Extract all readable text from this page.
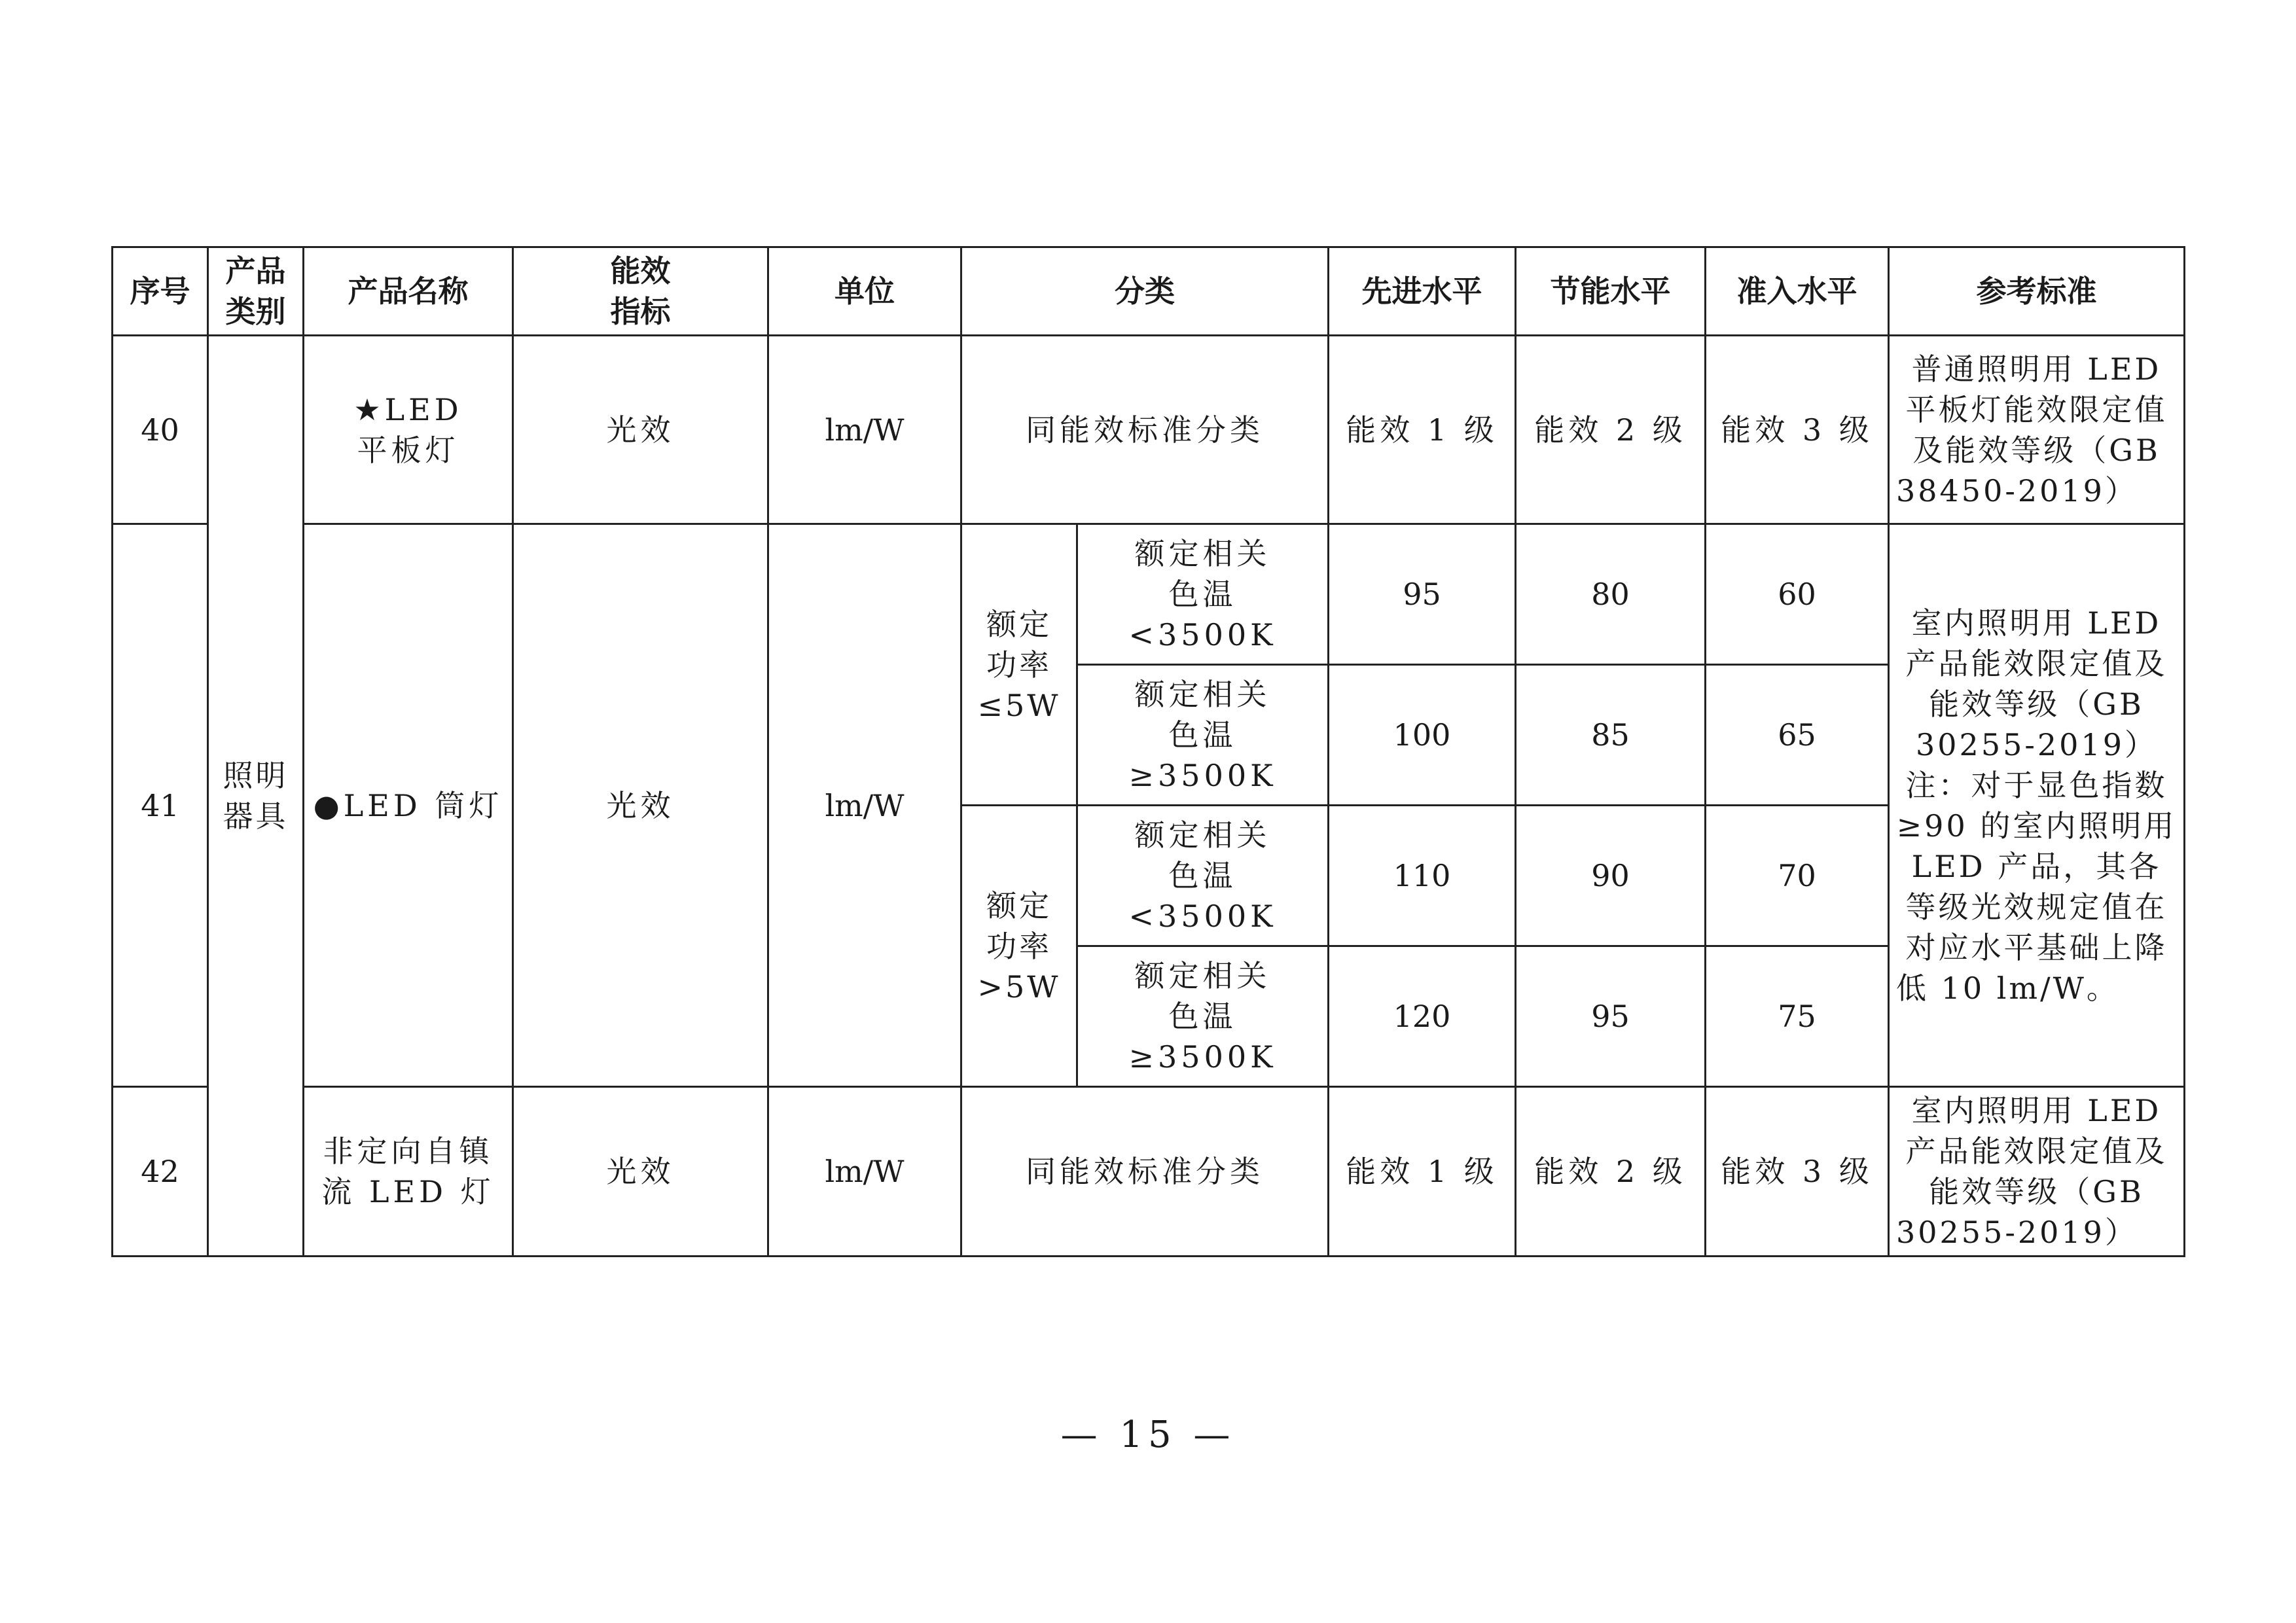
序号	产品类别	产品名称	能效指标	单位	分类		先进水平	节能水平	准入水平	参考标准
40	照明器具	★LED平板灯	光效	lm/W	同能效标准分类		能效 1 级	能效 2 级	能效 3 级	普通照明用 LED 平板灯能效限定值及能效等级（GB 38450-2019）
41		●LED 筒灯	光效	lm/W	额定功率≤5W	额定相关色温<3500K	95	80	60	室内照明用 LED 产品能效限定值及能效等级（GB 30255-2019）注：对于显色指数≥90 的室内照明用 LED 产品，其各等级光效规定值在对应水平基础上降低 10 lm/W。
						额定相关色温≥3500K	100	85	65	
					额定功率>5W	额定相关色温<3500K	110	90	70	
						额定相关色温≥3500K	120	95	75	
42		非定向自镇流 LED 灯	光效	lm/W	同能效标准分类		能效 1 级	能效 2 级	能效 3 级	室内照明用 LED 产品能效限定值及能效等级（GB 30255-2019）
— 15 —
